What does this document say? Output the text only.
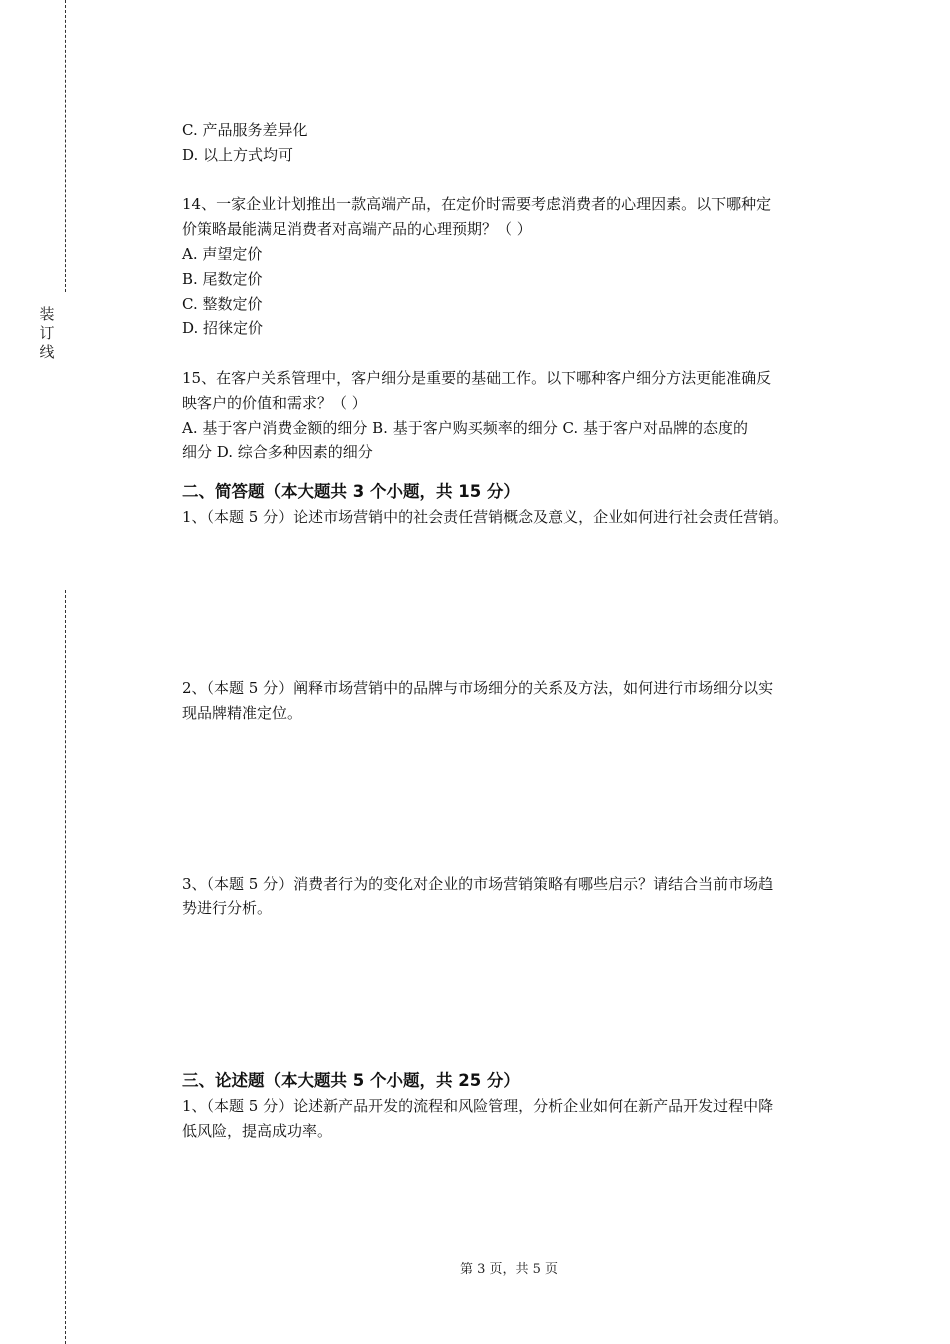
装
订
线
C. 产品服务差异化
D. 以上方式均可
14、一家企业计划推出一款高端产品，在定价时需要考虑消费者的心理因素。以下哪种定
价策略最能满足消费者对高端产品的心理预期？（ ）
A. 声望定价
B. 尾数定价
C. 整数定价
D. 招徕定价
15、在客户关系管理中，客户细分是重要的基础工作。以下哪种客户细分方法更能准确反
映客户的价值和需求？（ ）
A. 基于客户消费金额的细分 B. 基于客户购买频率的细分 C. 基于客户对品牌的态度的
细分 D. 综合多种因素的细分
二、简答题（本大题共 3 个小题，共 15 分）
1、（本题 5 分）论述市场营销中的社会责任营销概念及意义，企业如何进行社会责任营销。
2、（本题 5 分）阐释市场营销中的品牌与市场细分的关系及方法，如何进行市场细分以实
现品牌精准定位。
3、（本题 5 分）消费者行为的变化对企业的市场营销策略有哪些启示？请结合当前市场趋
势进行分析。
三、论述题（本大题共 5 个小题，共 25 分）
1、（本题 5 分）论述新产品开发的流程和风险管理，分析企业如何在新产品开发过程中降
低风险，提高成功率。
第 3 页，共 5 页
